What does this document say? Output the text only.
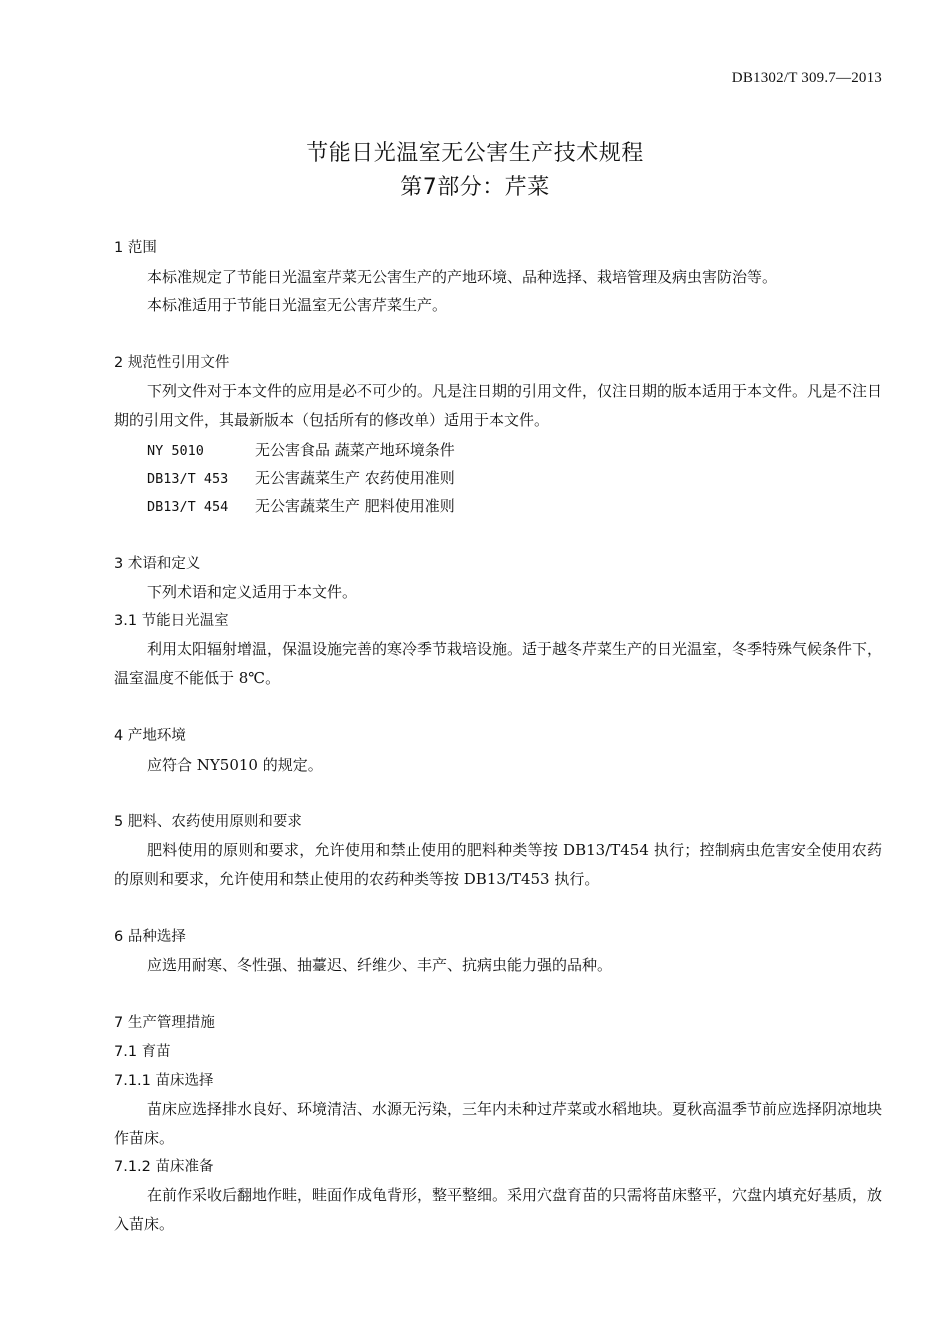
DB1302/T 309.7—2013
节能日光温室无公害生产技术规程
第7部分：芹菜
1 范围
本标准规定了节能日光温室芹菜无公害生产的产地环境、品种选择、栽培管理及病虫害防治等。
本标准适用于节能日光温室无公害芹菜生产。
2 规范性引用文件
下列文件对于本文件的应用是必不可少的。凡是注日期的引用文件，仅注日期的版本适用于本文件。凡是不注日期的引用文件，其最新版本（包括所有的修改单）适用于本文件。
NY 5010	无公害食品 蔬菜产地环境条件
DB13/T 453 无公害蔬菜生产 农药使用准则
DB13/T 454 无公害蔬菜生产 肥料使用准则
3 术语和定义
下列术语和定义适用于本文件。
3.1 节能日光温室
利用太阳辐射增温，保温设施完善的寒冷季节栽培设施。适于越冬芹菜生产的日光温室，冬季特殊气候条件下，温室温度不能低于 8℃。
4 产地环境
应符合 NY5010 的规定。
5 肥料、农药使用原则和要求
肥料使用的原则和要求，允许使用和禁止使用的肥料种类等按 DB13/T454 执行；控制病虫危害安全使用农药的原则和要求，允许使用和禁止使用的农药种类等按 DB13/T453 执行。
6 品种选择
应选用耐寒、冬性强、抽薹迟、纤维少、丰产、抗病虫能力强的品种。
7 生产管理措施
7.1 育苗
7.1.1 苗床选择
苗床应选择排水良好、环境清洁、水源无污染，三年内未种过芹菜或水稻地块。夏秋高温季节前应选择阴凉地块作苗床。
7.1.2 苗床准备
在前作采收后翻地作畦，畦面作成龟背形，整平整细。采用穴盘育苗的只需将苗床整平，穴盘内填充好基质，放入苗床。
